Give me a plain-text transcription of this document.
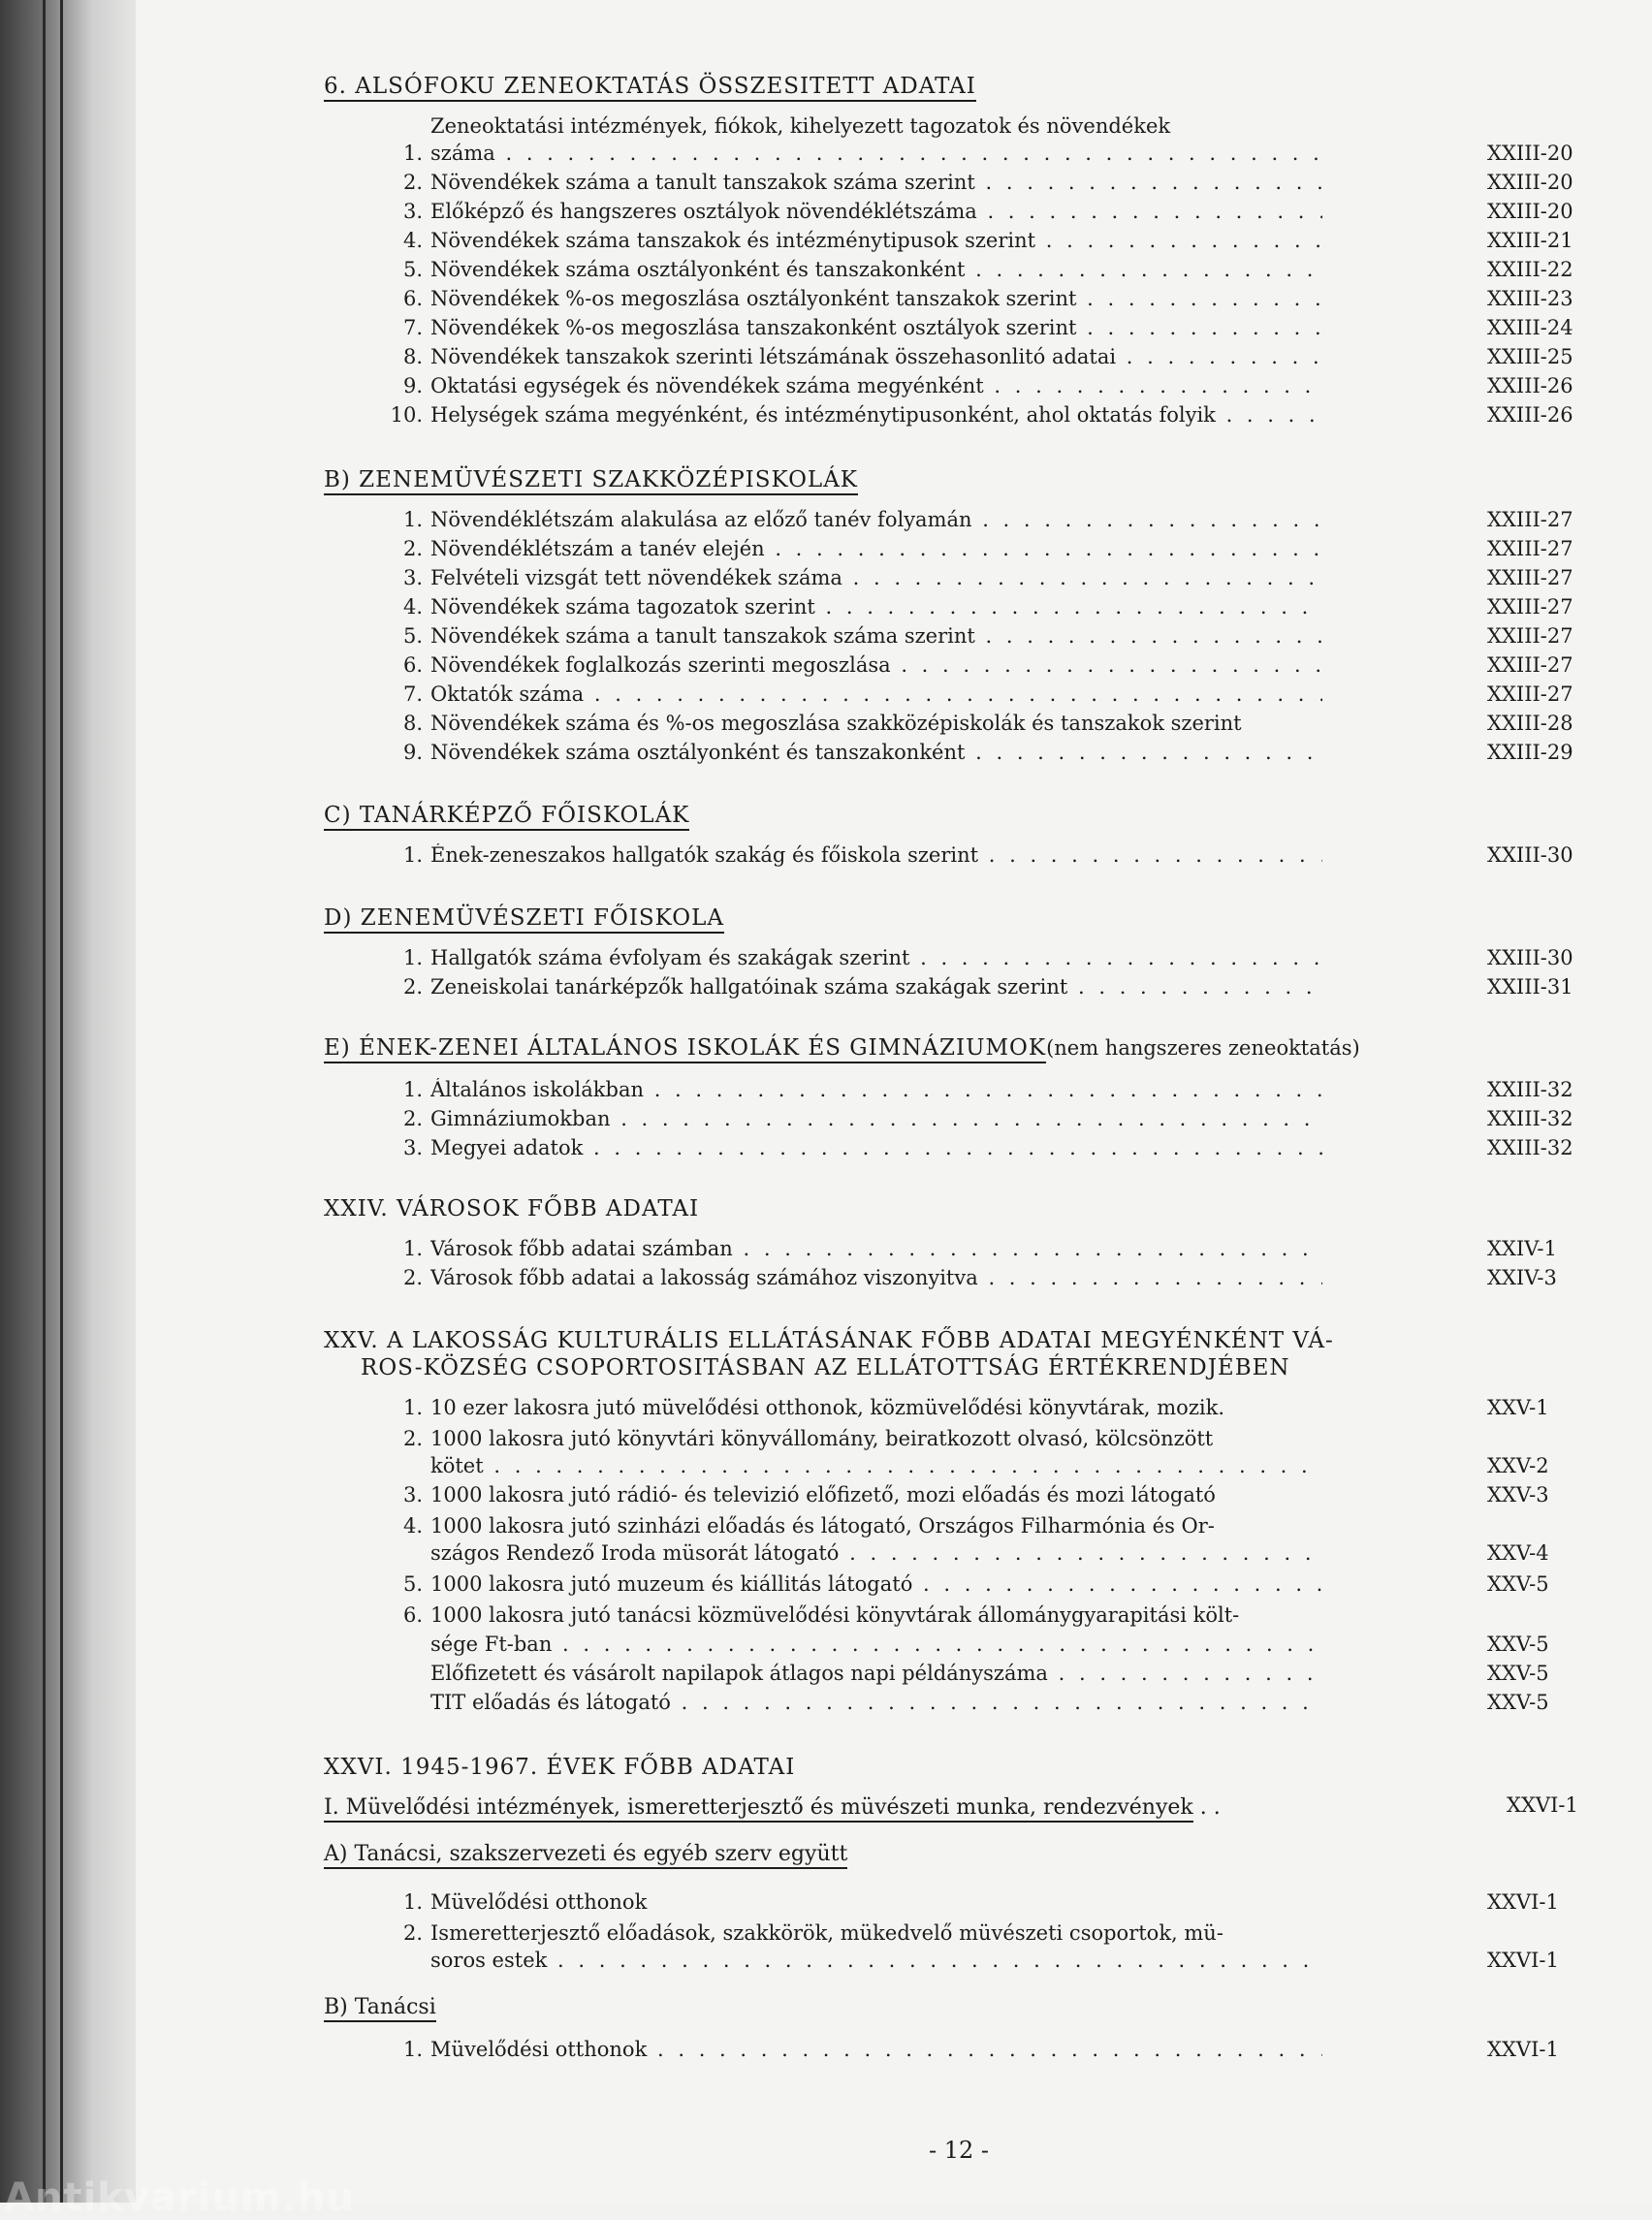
6. ALSÓFOKU ZENEOKTATÁS ÖSSZESITETT ADATAI
Zeneoktatási intézmények, fiókok, kihelyezett tagozatok és növendékek
1. száma . . .	XXIII-20
2. Növendékek száma a tanult tanszakok száma szerint . . .	XXIII-20
3. Előképző és hangszeres osztályok növendéklétszáma . . .	XXIII-20
4. Növendékek száma tanszakok és intézménytipusok szerint . . .	XXIII-21
5. Növendékek száma osztályonként és tanszakonként . . .	XXIII-22
6. Növendékek %-os megoszlása osztályonként tanszakok szerint . . .	XXIII-23
7. Növendékek %-os megoszlása tanszakonként osztályok szerint . . .	XXIII-24
8. Növendékek tanszakok szerinti létszámának összehasonlitó adatai . . .	XXIII-25
9. Oktatási egységek és növendékek száma megyénként . . .	XXIII-26
10. Helységek száma megyénként, és intézménytipusonként, ahol oktatás folyik . . .	XXIII-26
B) ZENEMÜVÉSZETI SZAKKÖZÉPISKOLÁK
1. Növendéklétszám alakulása az előző tanév folyamán . . .	XXIII-27
2. Növendéklétszám a tanév elején . . .	XXIII-27
3. Felvételi vizsgát tett növendékek száma . . .	XXIII-27
4. Növendékek száma tagozatok szerint . . .	XXIII-27
5. Növendékek száma a tanult tanszakok száma szerint . . .	XXIII-27
6. Növendékek foglalkozás szerinti megoszlása . . .	XXIII-27
7. Oktatók száma . . .	XXIII-27
8. Növendékek száma és %-os megoszlása szakközépiskolák és tanszakok szerint	XXIII-28
9. Növendékek száma osztályonként és tanszakonként . . .	XXIII-29
C) TANÁRKÉPZŐ FŐISKOLÁK
1. Ének-zeneszakos hallgatók szakág és főiskola szerint . . .	XXIII-30
D) ZENEMÜVÉSZETI FŐISKOLA
1. Hallgatók száma évfolyam és szakágak szerint . . .	XXIII-30
2. Zeneiskolai tanárképzők hallgatóinak száma szakágak szerint . . .	XXIII-31
E) ÉNEK-ZENEI ÁLTALÁNOS ISKOLÁK ÉS GIMNÁZIUMOK(nem hangszeres zeneoktatás)
1. Általános iskolákban . . .	XXIII-32
2. Gimnáziumokban . . .	XXIII-32
3. Megyei adatok . . .	XXIII-32
XXIV. VÁROSOK FŐBB ADATAI
1. Városok főbb adatai számban . . .	XXIV-1
2. Városok főbb adatai a lakosság számához viszonyitva . . .	XXIV-3
XXV. A LAKOSSÁG KULTURÁLIS ELLÁTÁSÁNAK FŐBB ADATAI MEGYÉNKÉNT VÁ-
ROS-KÖZSÉG CSOPORTOSITÁSBAN AZ ELLÁTOTTSÁG ÉRTÉKRENDJÉBEN
1. 10 ezer lakosra jutó müvelődési otthonok, közmüvelődési könyvtárak, mozik.	XXV-1
2. 1000 lakosra jutó könyvtári könyvállomány, beiratkozott olvasó, kölcsönzött
kötet . . .	XXV-2
3. 1000 lakosra jutó rádió- és televizió előfizető, mozi előadás és mozi látogató	XXV-3
4. 1000 lakosra jutó szinházi előadás és látogató, Országos Filharmónia és Or-
szágos Rendező Iroda müsorát látogató . . .	XXV-4
5. 1000 lakosra jutó muzeum és kiállitás látogató . . .	XXV-5
6. 1000 lakosra jutó tanácsi közmüvelődési könyvtárak állománygyarapitási költ-
sége Ft-ban . . .	XXV-5
Előfizetett és vásárolt napilapok átlagos napi példányszáma . . .	XXV-5
TIT előadás és látogató . . .	XXV-5
XXVI. 1945-1967. ÉVEK FŐBB ADATAI
I. Müvelődési intézmények, ismeretterjesztő és müvészeti munka, rendezvények . .	XXVI-1
A) Tanácsi, szakszervezeti és egyéb szerv együtt
1. Müvelődési otthonok	XXVI-1
2. Ismeretterjesztő előadások, szakkörök, mükedvelő müvészeti csoportok, mü-
soros estek . . .	XXVI-1
B) Tanácsi
1. Müvelődési otthonok . . .	XXVI-1
- 12 -
Antikvarium.hu
